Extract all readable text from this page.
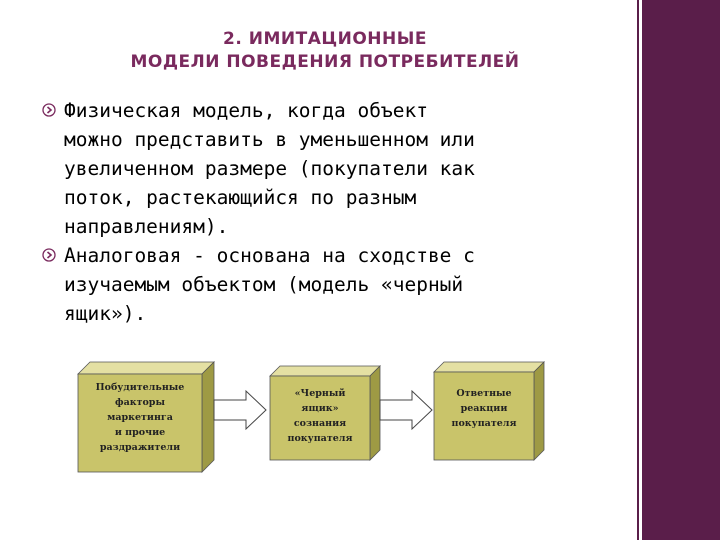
2. ИМИТАЦИОННЫЕ
МОДЕЛИ ПОВЕДЕНИЯ ПОТРЕБИТЕЛЕЙ
Физическая модель, когда объект
можно представить в уменьшенном или
увеличенном размере (покупатели как
поток, растекающийся по разным
направлениям).
Аналоговая - основана на сходстве с
изучаемым объектом (модель «черный
ящик»).
Побудительные
факторы
маркетинга
и прочие
раздражители
«Черный
ящик»
сознания
покупателя
Ответные
реакции
покупателя
